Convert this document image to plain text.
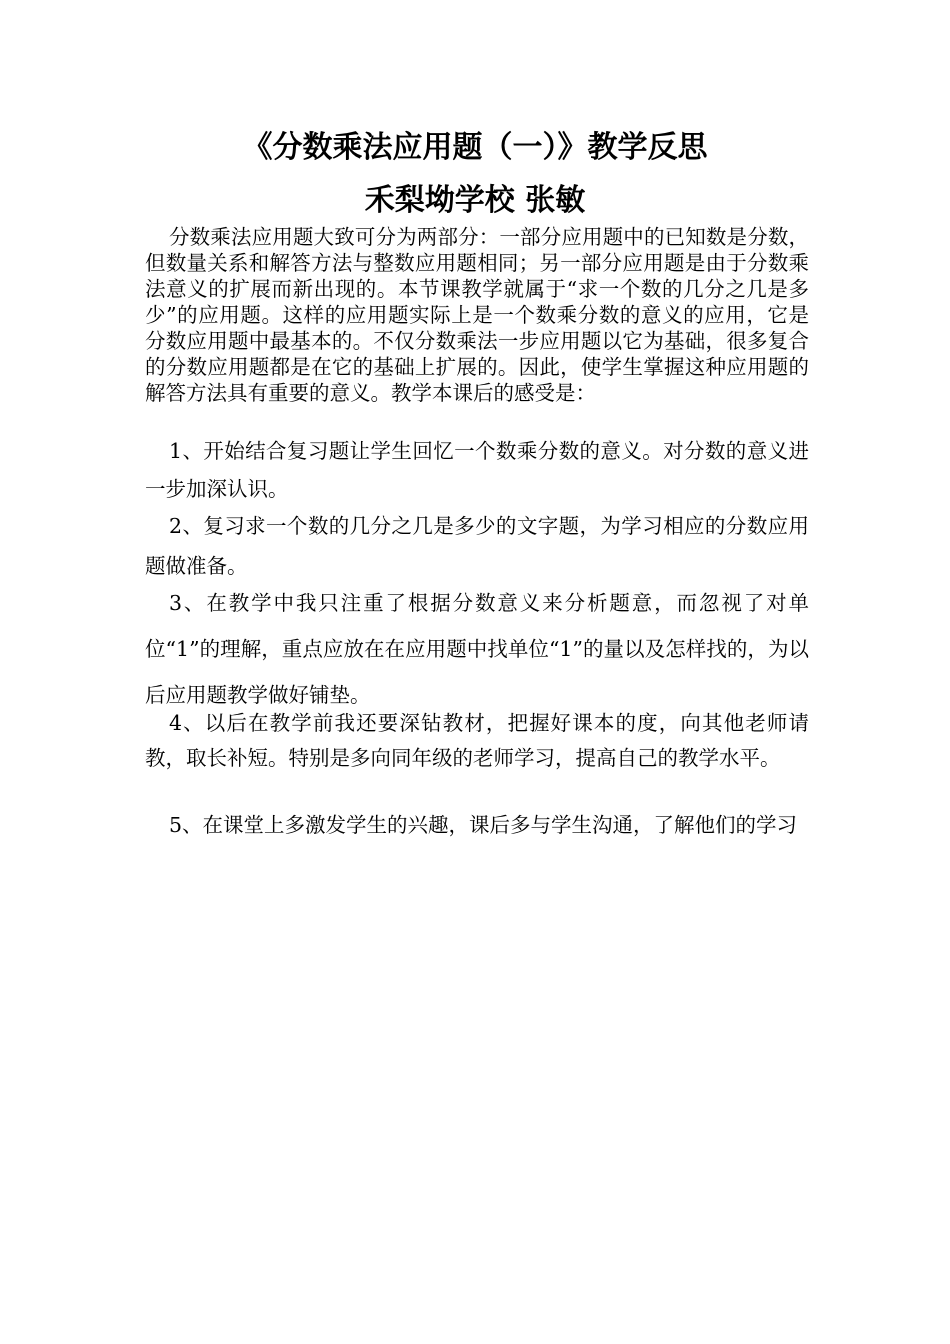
《分数乘法应用题（一）》教学反思
禾梨坳学校 张敏

分数乘法应用题大致可分为两部分：一部分应用题中的已知数是分数，但数量关系和解答方法与整数应用题相同；另一部分应用题是由于分数乘法意义的扩展而新出现的。本节课教学就属于“求一个数的几分之几是多少”的应用题。这样的应用题实际上是一个数乘分数的意义的应用，它是分数应用题中最基本的。不仅分数乘法一步应用题以它为基础，很多复合的分数应用题都是在它的基础上扩展的。因此，使学生掌握这种应用题的解答方法具有重要的意义。教学本课后的感受是：

1、开始结合复习题让学生回忆一个数乘分数的意义。对分数的意义进一步加深认识。

2、复习求一个数的几分之几是多少的文字题，为学习相应的分数应用题做准备。

3、在教学中我只注重了根据分数意义来分析题意，而忽视了对单位“1”的理解，重点应放在在应用题中找单位“1”的量以及怎样找的，为以后应用题教学做好铺垫。

4、以后在教学前我还要深钻教材，把握好课本的度，向其他老师请教，取长补短。特别是多向同年级的老师学习，提高自己的教学水平。

5、在课堂上多激发学生的兴趣，课后多与学生沟通，了解他们的学习
